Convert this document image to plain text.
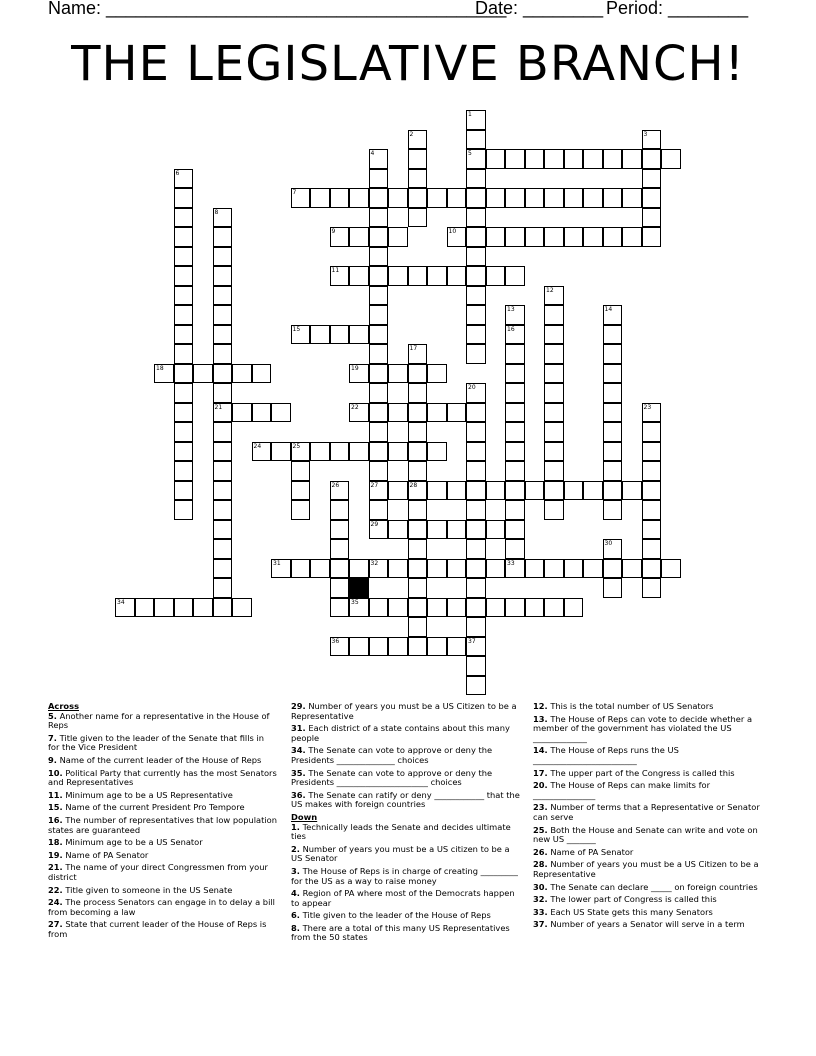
Name: ________________________________________
Date: ________ Period: ________
THE LEGISLATIVE BRANCH!
1
2	3
4	5
6
7
8
9	10
11
12
13	14
15	16
17
18	19
20
21	22	23
24	25
26	27	28
29
30
31	32	33
34	35
36	37
Across
5. Another name for a representative in the House of Reps
7. Title given to the leader of the Senate that fills in for the Vice President
9. Name of the current leader of the House of Reps
10. Political Party that currently has the most Senators and Representatives
11. Minimum age to be a US Representative
15. Name of the current President Pro Tempore
16. The number of representatives that low population states are guaranteed
18. Minimum age to be a US Senator
19. Name of PA Senator
21. The name of your direct Congressmen from your district
22. Title given to someone in the US Senate
24. The process Senators can engage in to delay a bill from becoming a law
27. State that current leader of the House of Reps is from
29. Number of years you must be a US Citizen to be a Representative
31. Each district of a state contains about this many people
34. The Senate can vote to approve or deny the Presidents ______________ choices
35. The Senate can vote to approve or deny the Presidents ______________________ choices
36. The Senate can ratify or deny ____________ that the US makes with foreign countries
Down
1. Technically leads the Senate and decides ultimate ties
2. Number of years you must be a US citizen to be a US Senator
3. The House of Reps is in charge of creating _________ for the US as a way to raise money
4. Region of PA where most of the Democrats happen to appear
6. Title given to the leader of the House of Reps
8. There are a total of this many US Representatives from the 50 states
12. This is the total number of US Senators
13. The House of Reps can vote to decide whether a member of the government has violated the US _____________
14. The House of Reps runs the US _________________________
17. The upper part of the Congress is called this
20. The House of Reps can make limits for _______________
23. Number of terms that a Representative or Senator can serve
25. Both the House and Senate can write and vote on new US _______
26. Name of PA Senator
28. Number of years you must be a US Citizen to be a Representative
30. The Senate can declare _____ on foreign countries
32. The lower part of Congress is called this
33. Each US State gets this many Senators
37. Number of years a Senator will serve in a term
